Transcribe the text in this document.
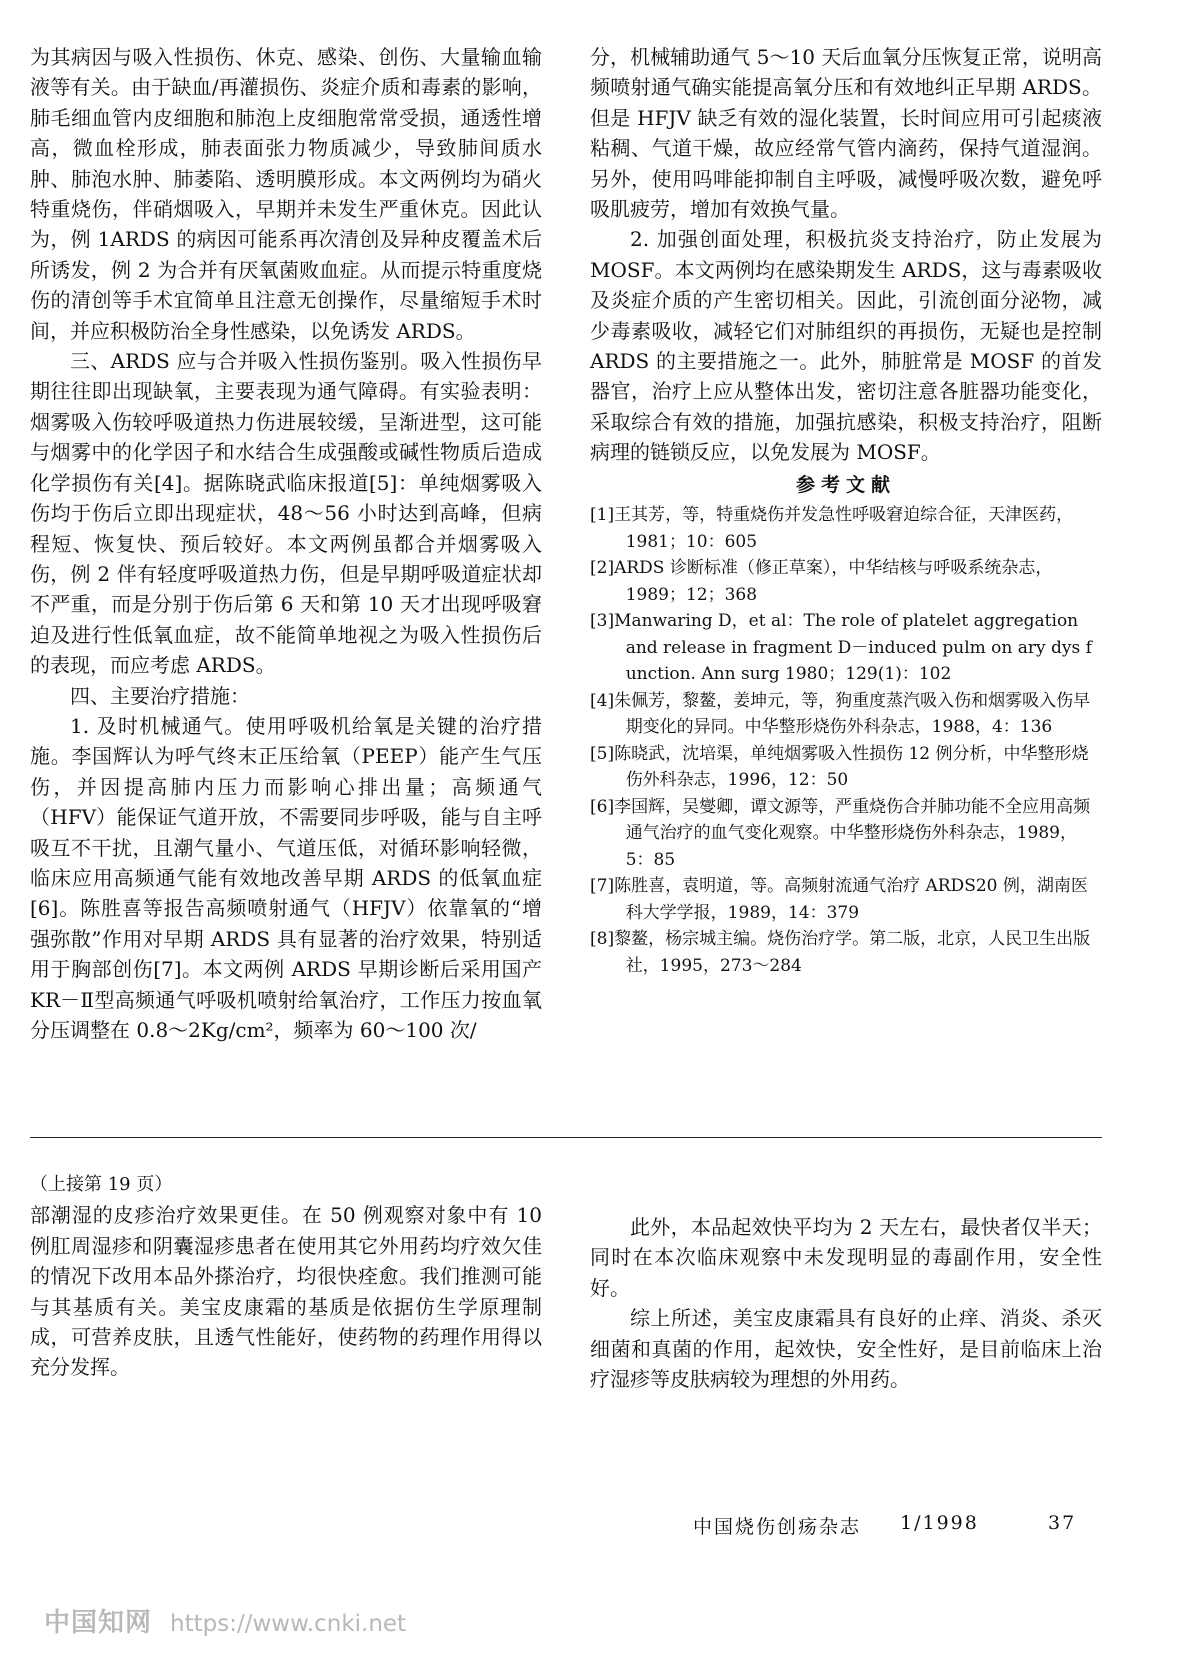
为其病因与吸入性损伤、休克、感染、创伤、大量输血输液等有关。由于缺血/再灌损伤、炎症介质和毒素的影响，肺毛细血管内皮细胞和肺泡上皮细胞常常受损，通透性增高，微血栓形成，肺表面张力物质减少，导致肺间质水肿、肺泡水肿、肺萎陷、透明膜形成。本文两例均为硝火特重烧伤，伴硝烟吸入，早期并未发生严重休克。因此认为，例 1ARDS 的病因可能系再次清创及异种皮覆盖术后所诱发，例 2 为合并有厌氧菌败血症。从而提示特重度烧伤的清创等手术宜简单且注意无创操作，尽量缩短手术时间，并应积极防治全身性感染，以免诱发 ARDS。

三、ARDS 应与合并吸入性损伤鉴别。吸入性损伤早期往往即出现缺氧，主要表现为通气障碍。有实验表明：烟雾吸入伤较呼吸道热力伤进展较缓，呈渐进型，这可能与烟雾中的化学因子和水结合生成强酸或碱性物质后造成化学损伤有关[4]。据陈晓武临床报道[5]：单纯烟雾吸入伤均于伤后立即出现症状，48～56 小时达到高峰，但病程短、恢复快、预后较好。本文两例虽都合并烟雾吸入伤，例 2 伴有轻度呼吸道热力伤，但是早期呼吸道症状却不严重，而是分别于伤后第 6 天和第 10 天才出现呼吸窘迫及进行性低氧血症，故不能简单地视之为吸入性损伤后的表现，而应考虑 ARDS。

四、主要治疗措施：

1. 及时机械通气。使用呼吸机给氧是关键的治疗措施。李国辉认为呼气终末正压给氧（PEEP）能产生气压伤，并因提高肺内压力而影响心排出量；高频通气（HFV）能保证气道开放，不需要同步呼吸，能与自主呼吸互不干扰，且潮气量小、气道压低，对循环影响轻微，临床应用高频通气能有效地改善早期 ARDS 的低氧血症[6]。陈胜喜等报告高频喷射通气（HFJV）依靠氧的“增强弥散”作用对早期 ARDS 具有显著的治疗效果，特别适用于胸部创伤[7]。本文两例 ARDS 早期诊断后采用国产 KR－Ⅱ型高频通气呼吸机喷射给氧治疗，工作压力按血氧分压调整在 0.8～2Kg/cm²，频率为 60～100 次/

分，机械辅助通气 5～10 天后血氧分压恢复正常，说明高频喷射通气确实能提高氧分压和有效地纠正早期 ARDS。但是 HFJV 缺乏有效的湿化装置，长时间应用可引起痰液粘稠、气道干燥，故应经常气管内滴药，保持气道湿润。另外，使用吗啡能抑制自主呼吸，减慢呼吸次数，避免呼吸肌疲劳，增加有效换气量。

2. 加强创面处理，积极抗炎支持治疗，防止发展为 MOSF。本文两例均在感染期发生 ARDS，这与毒素吸收及炎症介质的产生密切相关。因此，引流创面分泌物，减少毒素吸收，减轻它们对肺组织的再损伤，无疑也是控制 ARDS 的主要措施之一。此外，肺脏常是 MOSF 的首发器官，治疗上应从整体出发，密切注意各脏器功能变化，采取综合有效的措施，加强抗感染，积极支持治疗，阻断病理的链锁反应，以免发展为 MOSF。

参考文献

[1]王其芳，等，特重烧伤并发急性呼吸窘迫综合征，天津医药，1981；10：605

[2]ARDS 诊断标准（修正草案），中华结核与呼吸系统杂志，1989；12；368

[3]Manwaring D，et al：The role of platelet aggregation and release in fragment D－induced pulm on ary dys f unction. Ann surg 1980；129(1)：102

[4]朱佩芳，黎鳌，姜坤元，等，狗重度蒸汽吸入伤和烟雾吸入伤早期变化的异同。中华整形烧伤外科杂志，1988，4：136

[5]陈晓武，沈培渠，单纯烟雾吸入性损伤 12 例分析，中华整形烧伤外科杂志，1996，12：50

[6]李国辉，吴燮卿，谭文源等，严重烧伤合并肺功能不全应用高频通气治疗的血气变化观察。中华整形烧伤外科杂志，1989，5：85

[7]陈胜喜，袁明道，等。高频射流通气治疗 ARDS20 例，湖南医科大学学报，1989，14：379

[8]黎鳌，杨宗城主编。烧伤治疗学。第二版，北京，人民卫生出版社，1995，273～284

（上接第 19 页）

部潮湿的皮疹治疗效果更佳。在 50 例观察对象中有 10 例肛周湿疹和阴囊湿疹患者在使用其它外用药均疗效欠佳的情况下改用本品外搽治疗，均很快痊愈。我们推测可能与其基质有关。美宝皮康霜的基质是依据仿生学原理制成，可营养皮肤，且透气性能好，使药物的药理作用得以充分发挥。

此外，本品起效快平均为 2 天左右，最快者仅半天；同时在本次临床观察中未发现明显的毒副作用，安全性好。

综上所述，美宝皮康霜具有良好的止痒、消炎、杀灭细菌和真菌的作用，起效快，安全性好，是目前临床上治疗湿疹等皮肤病较为理想的外用药。

中国烧伤创疡杂志 1/1998	37
中国知网 https://www.cnki.net
